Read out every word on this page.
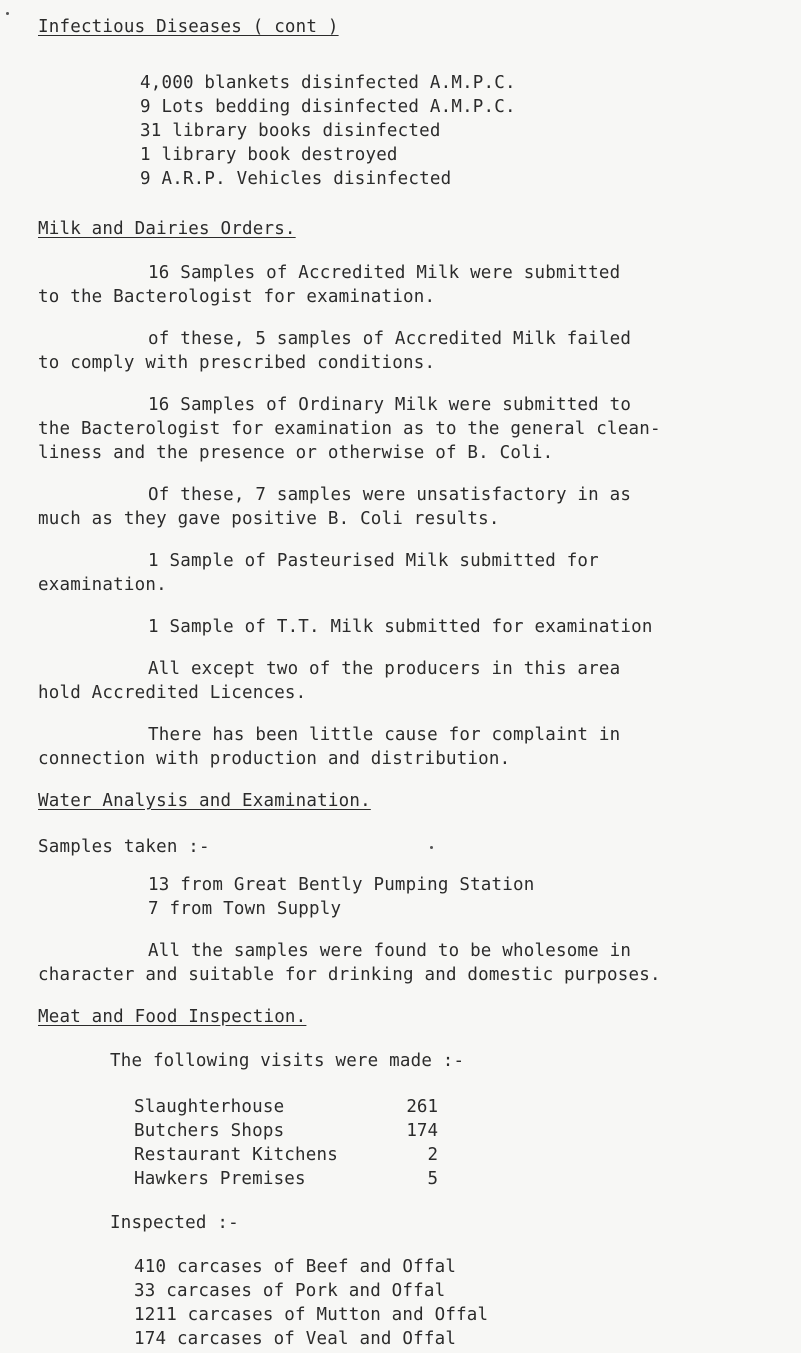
Infectious Diseases ( cont )
4,000 blankets disinfected A.M.P.C.
9 Lots bedding disinfected A.M.P.C.
31 library books disinfected
1 library book destroyed
9 A.R.P. Vehicles disinfected
Milk and Dairies Orders.
16 Samples of Accredited Milk were submitted
to the Bacterologist for examination.
of these, 5 samples of Accredited Milk failed
to comply with prescribed conditions.
16 Samples of Ordinary Milk were submitted to
the Bacterologist for examination as to the general clean-
liness and the presence or otherwise of B. Coli.
Of these, 7 samples were unsatisfactory in as
much as they gave positive B. Coli results.
1 Sample of Pasteurised Milk submitted for
examination.
1 Sample of T.T. Milk submitted for examination
All except two of the producers in this area
hold Accredited Licences.
There has been little cause for complaint in
connection with production and distribution.
Water Analysis and Examination.
Samples taken :-
13 from Great Bently Pumping Station
7 from Town Supply
All the samples were found to be wholesome in
character and suitable for drinking and domestic purposes.
Meat and Food Inspection.
The following visits were made :-
Slaughterhouse	261
Butchers Shops	174
Restaurant Kitchens	2
Hawkers Premises	5
Inspected :-
410 carcases of Beef and Offal
33 carcases of Pork and Offal
1211 carcases of Mutton and Offal
174 carcases of Veal and Offal
